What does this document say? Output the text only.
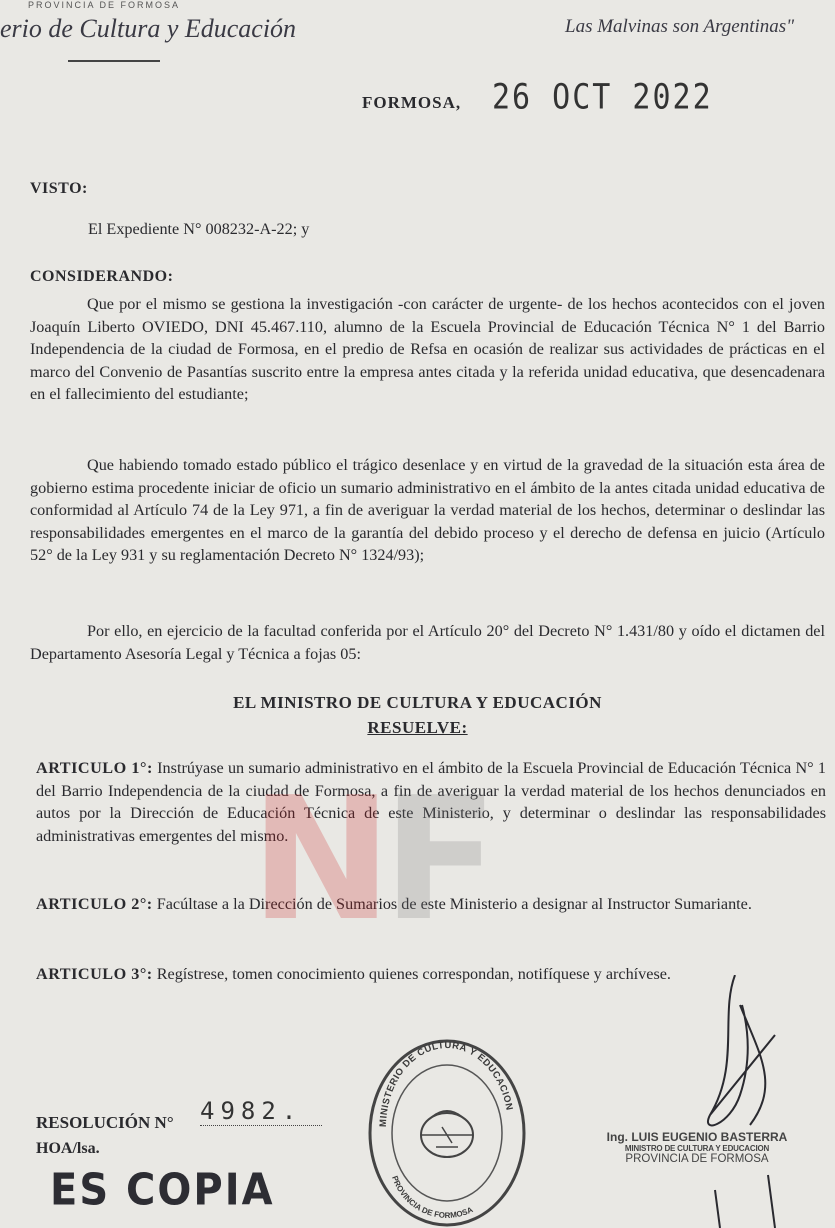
PROVINCIA DE FORMOSA
erio de Cultura y Educación	Las Malvinas son Argentinas"
FORMOSA, 26 OCT 2022
VISTO:
El Expediente N° 008232-A-22; y
CONSIDERANDO:
Que por el mismo se gestiona la investigación -con carácter de urgente- de los hechos acontecidos con el joven Joaquín Liberto OVIEDO, DNI 45.467.110, alumno de la Escuela Provincial de Educación Técnica N° 1 del Barrio Independencia de la ciudad de Formosa, en el predio de Refsa en ocasión de realizar sus actividades de prácticas en el marco del Convenio de Pasantías suscrito entre la empresa antes citada y la referida unidad educativa, que desencadenara en el fallecimiento del estudiante;
Que habiendo tomado estado público el trágico desenlace y en virtud de la gravedad de la situación esta área de gobierno estima procedente iniciar de oficio un sumario administrativo en el ámbito de la antes citada unidad educativa de conformidad al Artículo 74 de la Ley 971, a fin de averiguar la verdad material de los hechos, determinar o deslindar las responsabilidades emergentes en el marco de la garantía del debido proceso y el derecho de defensa en juicio (Artículo 52° de la Ley 931 y su reglamentación Decreto N° 1324/93);
Por ello, en ejercicio de la facultad conferida por el Artículo 20° del Decreto N° 1.431/80 y oído el dictamen del Departamento Asesoría Legal y Técnica a fojas 05:
EL MINISTRO DE CULTURA Y EDUCACIÓN
RESUELVE:
ARTICULO 1°: Instrúyase un sumario administrativo en el ámbito de la Escuela Provincial de Educación Técnica N° 1 del Barrio Independencia de la ciudad de Formosa, a fin de averiguar la verdad material de los hechos denunciados en autos por la Dirección de Educación Técnica de este Ministerio, y determinar o deslindar las responsabilidades administrativas emergentes del mismo.
ARTICULO 2°: Facúltase a la Dirección de Sumarios de este Ministerio a designar al Instructor Sumariante.
ARTICULO 3°: Regístrese, tomen conocimiento quienes correspondan, notifíquese y archívese.
NF
MINISTERIO DE CULTURA Y EDUCACION
PROVINCIA DE FORMOSA
RESOLUCIÓN N° 4982.
HOA/lsa.
ES COPIA
Ing. LUIS EUGENIO BASTERRA
MINISTRO DE CULTURA Y EDUCACION
PROVINCIA DE FORMOSA
